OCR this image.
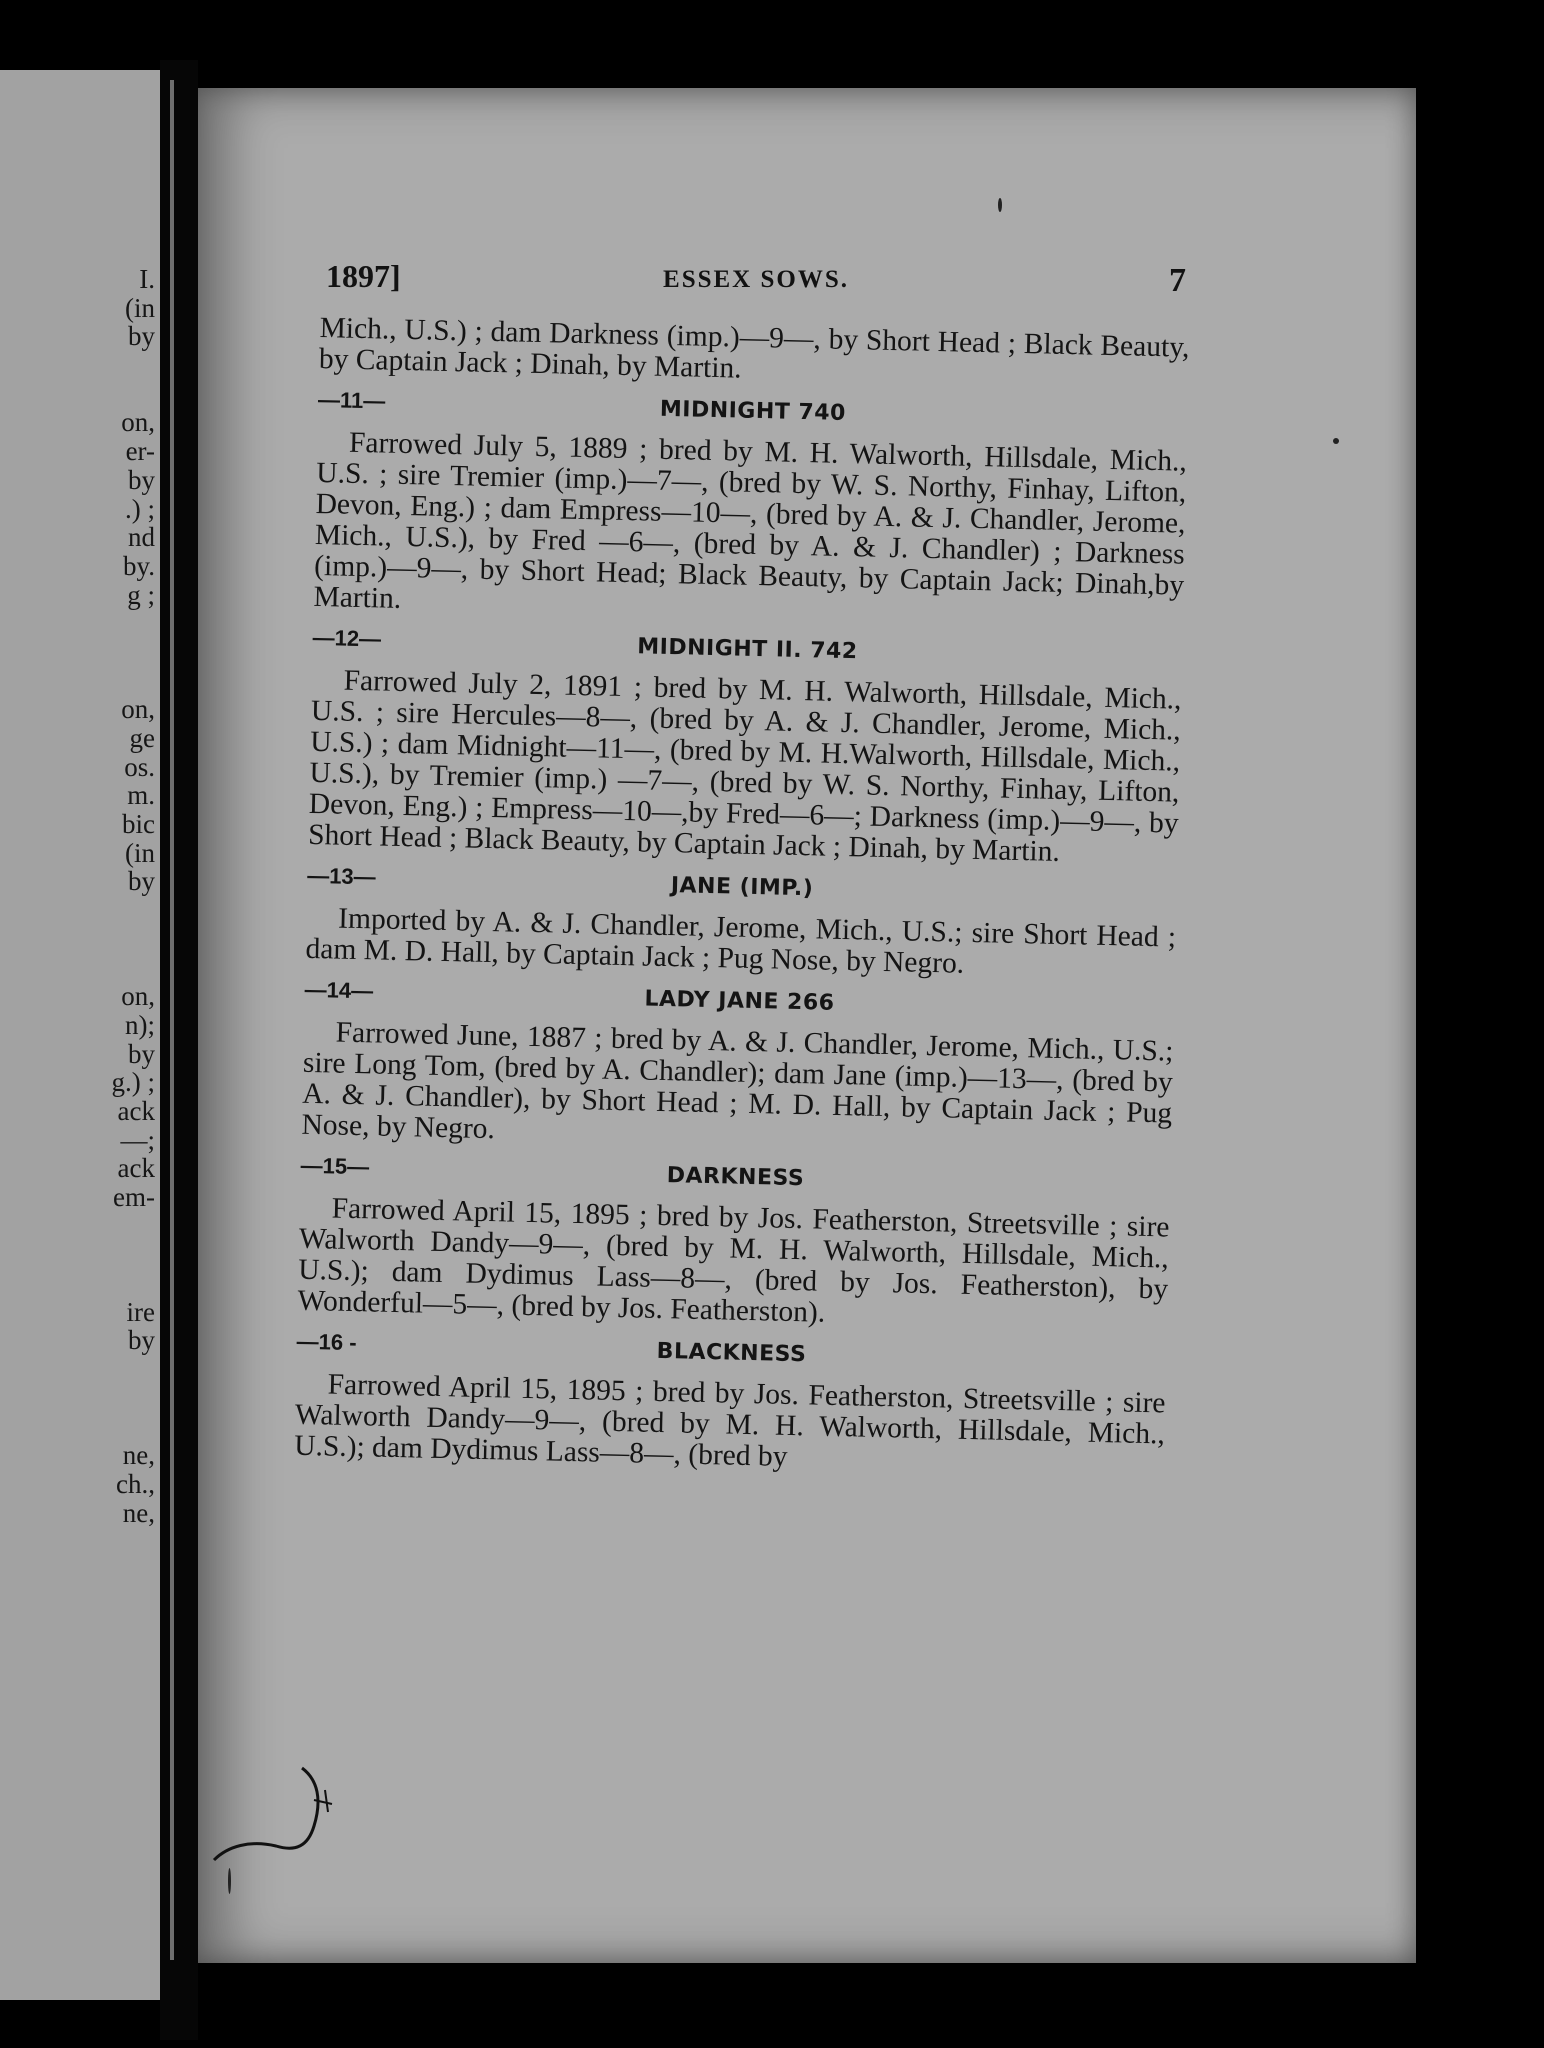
I.
(in
by
on,
er-
by
.) ;
nd
by.
g ;
on,
ge
os.
m.
bic
(in
by
on,
n);
by
g.) ;
ack
—;
ack
em-
ire
by
ne,
ch.,
ne,
1897]	ESSEX SOWS.	7

Mich., U.S.) ; dam Darkness (imp.)—9—, by Short Head ; Black Beauty, by Captain Jack ; Dinah, by Martin.

—11—	MIDNIGHT 740

Farrowed July 5, 1889 ; bred by M. H. Walworth, Hillsdale, Mich., U.S. ; sire Tremier (imp.)—7—, (bred by W. S. Northy, Finhay, Lifton, Devon, Eng.) ; dam Empress—10—, (bred by A. & J. Chandler, Jerome, Mich., U.S.), by Fred —6—, (bred by A. & J. Chandler) ; Darkness (imp.)—9—, by Short Head; Black Beauty, by Captain Jack; Dinah,by Martin.

—12—	MIDNIGHT II. 742

Farrowed July 2, 1891 ; bred by M. H. Walworth, Hillsdale, Mich., U.S. ; sire Hercules—8—, (bred by A. & J. Chandler, Jerome, Mich., U.S.) ; dam Midnight—11—, (bred by M. H.Walworth, Hillsdale, Mich., U.S.), by Tremier (imp.) —7—, (bred by W. S. Northy, Finhay, Lifton, Devon, Eng.) ; Empress—10—,by Fred—6—; Darkness (imp.)—9—, by Short Head ; Black Beauty, by Captain Jack ; Dinah, by Martin.

—13—	JANE (IMP.)

Imported by A. & J. Chandler, Jerome, Mich., U.S.; sire Short Head ; dam M. D. Hall, by Captain Jack ; Pug Nose, by Negro.

—14—	LADY JANE 266

Farrowed June, 1887 ; bred by A. & J. Chandler, Jerome, Mich., U.S.; sire Long Tom, (bred by A. Chandler); dam Jane (imp.)—13—, (bred by A. & J. Chandler), by Short Head ; M. D. Hall, by Captain Jack ; Pug Nose, by Negro.

—15—	DARKNESS

Farrowed April 15, 1895 ; bred by Jos. Featherston, Streetsville ; sire Walworth Dandy—9—, (bred by M. H. Walworth, Hillsdale, Mich., U.S.); dam Dydimus Lass—8—, (bred by Jos. Featherston), by Wonderful—5—, (bred by Jos. Featherston).

—16 -	BLACKNESS

Farrowed April 15, 1895 ; bred by Jos. Featherston, Streetsville ; sire Walworth Dandy—9—, (bred by M. H. Walworth, Hillsdale, Mich., U.S.); dam Dydimus Lass—8—, (bred by
